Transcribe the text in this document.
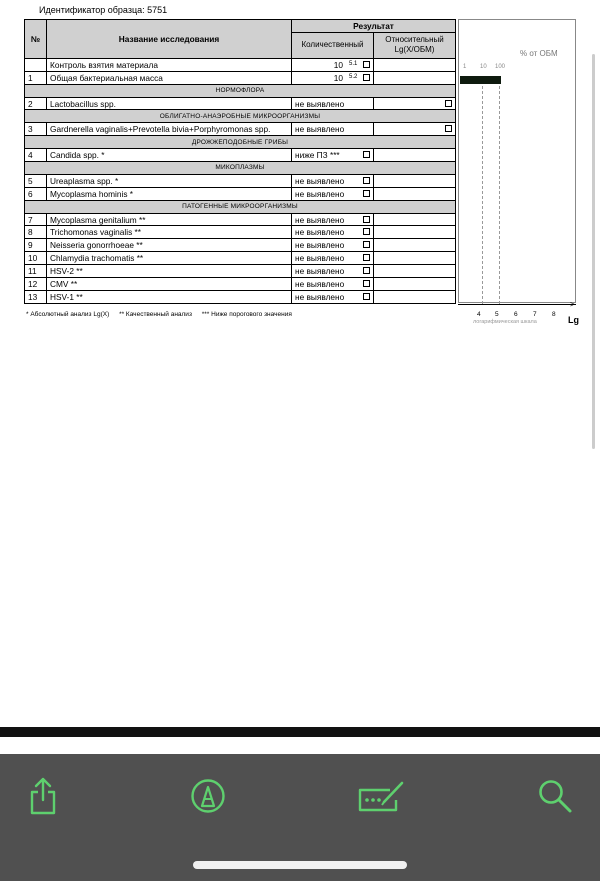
Идентификатор образца: 5751
№	Название исследования	Результат	
		Количественный	Относительный
Lg(X/ОБМ)

	Контроль взятия материала	10 $^{5.1}$

1	Общая бактериальная масса	10 $^{5.2}$

НОРМОФЛОРА			
2	Lactobacillus spp.	не выявлено	

ОБЛИГАТНО-АНАЭРОБНЫЕ МИКРООРГАНИЗМЫ			
3	Gardnerella vaginalis+Prevotella bivia+Porphyromonas spp.	не выявлено	

ДРОЖЖЕПОДОБНЫЕ ГРИБЫ			
4	Candida spp. *	ниже ПЗ ***

МИКОПЛАЗМЫ			
5	Ureaplasma spp. *	не выявлено

6	Mycoplasma hominis *	не выявлено

ПАТОГЕННЫЕ МИКРООРГАНИЗМЫ			
7	Mycoplasma genitalium **	не выявлено

8	Trichomonas vaginalis **	не выявлено

9	Neisseria gonorrhoeae **	не выявлено

10	Chlamydia trachomatis **	не выявлено

11	HSV-2 **	не выявлено

12	CMV **	не выявлено

13	HSV-1 **	не выявлено

* Абсолютный анализ Lg(X) ** Качественный анализ *** Ниже порогового значения
% от ОБМ
1 10 100
>
4 5 6 7 8
логарифмическая шкала	Lg
